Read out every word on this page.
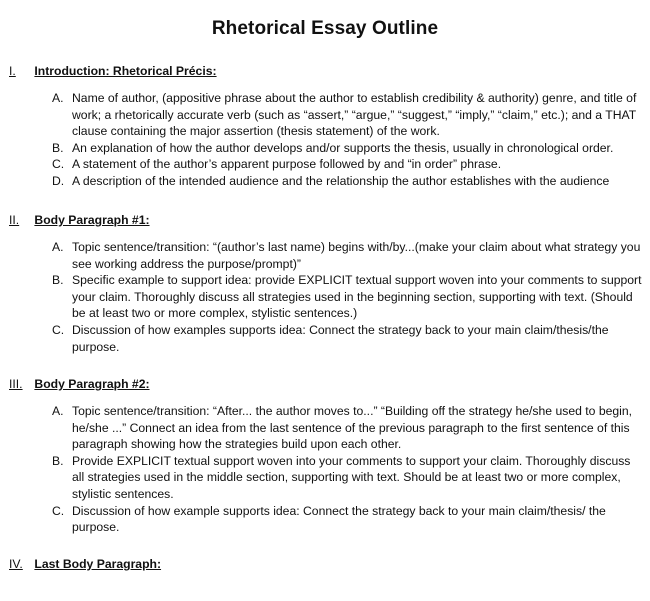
Rhetorical Essay Outline
I. Introduction: Rhetorical Précis:
A. Name of author, (appositive phrase about the author to establish credibility & authority) genre, and title of work; a rhetorically accurate verb (such as “assert,” “argue,” “suggest,” “imply,” “claim,” etc.); and a THAT clause containing the major assertion (thesis statement) of the work.
B. An explanation of how the author develops and/or supports the thesis, usually in chronological order.
C. A statement of the author’s apparent purpose followed by and “in order” phrase.
D. A description of the intended audience and the relationship the author establishes with the audience
II. Body Paragraph #1:
A. Topic sentence/transition: “(author’s last name) begins with/by...(make your claim about what strategy you see working address the purpose/prompt)”
B. Specific example to support idea: provide EXPLICIT textual support woven into your comments to support your claim. Thoroughly discuss all strategies used in the beginning section, supporting with text. (Should be at least two or more complex, stylistic sentences.)
C. Discussion of how examples supports idea: Connect the strategy back to your main claim/thesis/the purpose.
III. Body Paragraph #2:
A. Topic sentence/transition: “After... the author moves to...” “Building off the strategy he/she used to begin, he/she ...” Connect an idea from the last sentence of the previous paragraph to the first sentence of this paragraph showing how the strategies build upon each other.
B. Provide EXPLICIT textual support woven into your comments to support your claim. Thoroughly discuss all strategies used in the middle section, supporting with text. Should be at least two or more complex, stylistic sentences.
C. Discussion of how example supports idea: Connect the strategy back to your main claim/thesis/ the purpose.
IV. Last Body Paragraph:
